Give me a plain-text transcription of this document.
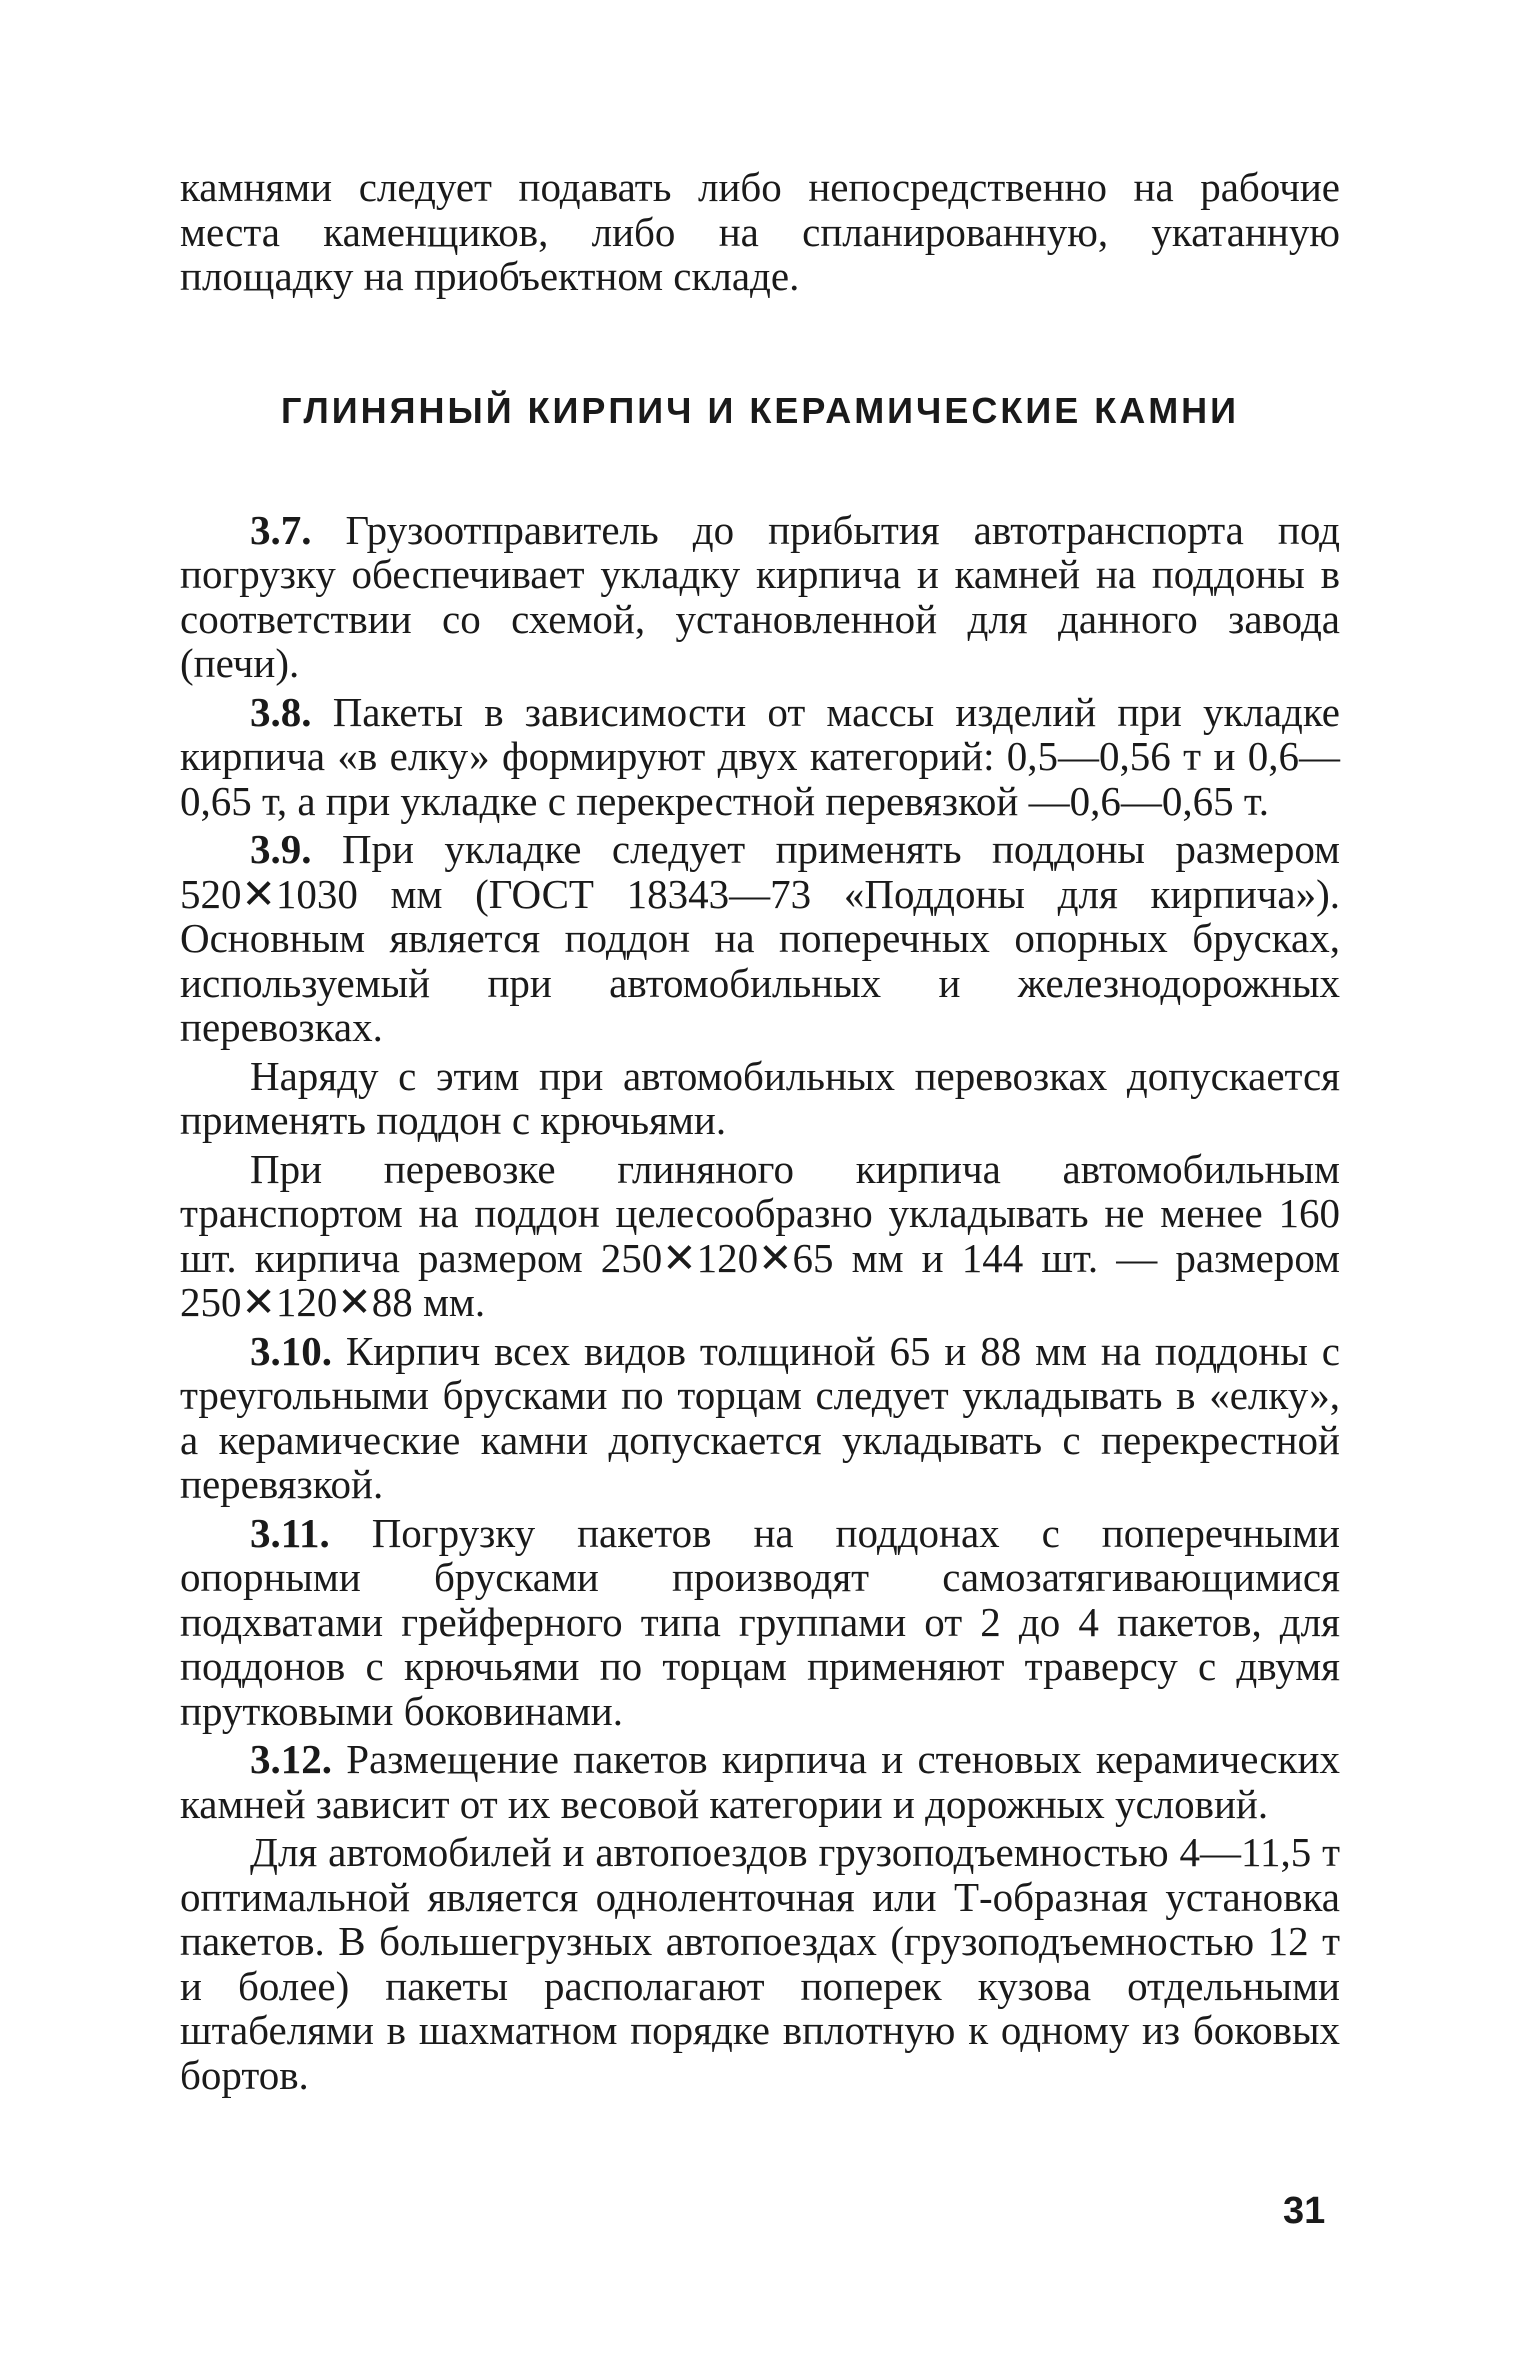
камнями следует подавать либо непосредственно на рабочие места каменщиков, либо на спланированную, укатанную площадку на приобъектном складе.

ГЛИНЯНЫЙ КИРПИЧ И КЕРАМИЧЕСКИЕ КАМНИ

3.7. Грузоотправитель до прибытия автотранспорта под погрузку обеспечивает укладку кирпича и камней на поддоны в соответствии со схемой, установленной для данного завода (печи).

3.8. Пакеты в зависимости от массы изделий при укладке кирпича «в елку» формируют двух категорий: 0,5—0,56 т и 0,6—0,65 т, а при укладке с перекрестной перевязкой —0,6—0,65 т.

3.9. При укладке следует применять поддоны размером 520✕1030 мм (ГОСТ 18343—73 «Поддоны для кирпича»). Основным является поддон на поперечных опорных брусках, используемый при автомобильных и железнодорожных перевозках.

Наряду с этим при автомобильных перевозках допускается применять поддон с крючьями.

При перевозке глиняного кирпича автомобильным транспортом на поддон целесообразно укладывать не менее 160 шт. кирпича размером 250✕120✕65 мм и 144 шт. — размером 250✕120✕88 мм.

3.10. Кирпич всех видов толщиной 65 и 88 мм на поддоны с треугольными брусками по торцам следует укладывать в «елку», а керамические камни допускается укладывать с перекрестной перевязкой.

3.11. Погрузку пакетов на поддонах с поперечными опорными брусками производят самозатягивающимися подхватами грейферного типа группами от 2 до 4 пакетов, для поддонов с крючьями по торцам применяют траверсу с двумя прутковыми боковинами.

3.12. Размещение пакетов кирпича и стеновых керамических камней зависит от их весовой категории и дорожных условий.

Для автомобилей и автопоездов грузоподъемностью 4—11,5 т оптимальной является одноленточная или Т-образная установка пакетов. В большегрузных автопоездах (грузоподъемностью 12 т и более) пакеты располагают поперек кузова отдельными штабелями в шахматном порядке вплотную к одному из боковых бортов.

31
